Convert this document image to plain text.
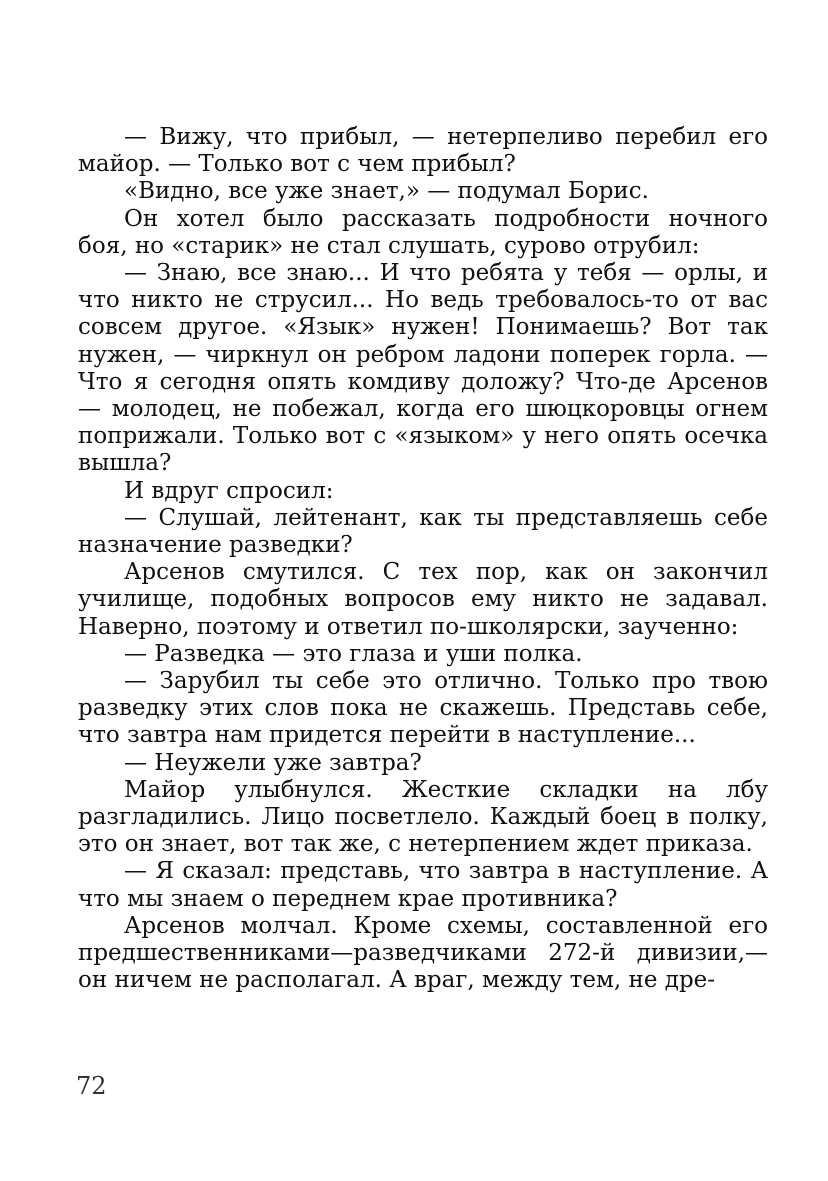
— Вижу, что прибыл, — нетерпеливо перебил его майор. — Только вот с чем прибыл?

«Видно, все уже знает,» — подумал Борис.

Он хотел было рассказать подробности ночного боя, но «старик» не стал слушать, сурово отрубил:

— Знаю, все знаю... И что ребята у тебя — орлы, и что никто не струсил... Но ведь требовалось-то от вас совсем другое. «Язык» нужен! Понимаешь? Вот так нужен, — чиркнул он ребром ладони поперек горла. — Что я сегодня опять комдиву доложу? Что-де Арсенов — молодец, не побежал, когда его шюцкоровцы огнем поприжали. Только вот с «языком» у него опять осечка вышла?

И вдруг спросил:

— Слушай, лейтенант, как ты представляешь себе назначение разведки?

Арсенов смутился. С тех пор, как он закончил училище, подобных вопросов ему никто не задавал. Наверно, поэтому и ответил по-школярски, заученно:

— Разведка — это глаза и уши полка.

— Зарубил ты себе это отлично. Только про твою разведку этих слов пока не скажешь. Представь себе, что завтра нам придется перейти в наступление...

— Неужели уже завтра?

Майор улыбнулся. Жесткие складки на лбу разгладились. Лицо посветлело. Каждый боец в полку, это он знает, вот так же, с нетерпением ждет приказа.

— Я сказал: представь, что завтра в наступление. А что мы знаем о переднем крае противника?

Арсенов молчал. Кроме схемы, составленной его предшественниками—разведчиками 272-й дивизии,— он ничем не располагал. А враг, между тем, не дре-

72
